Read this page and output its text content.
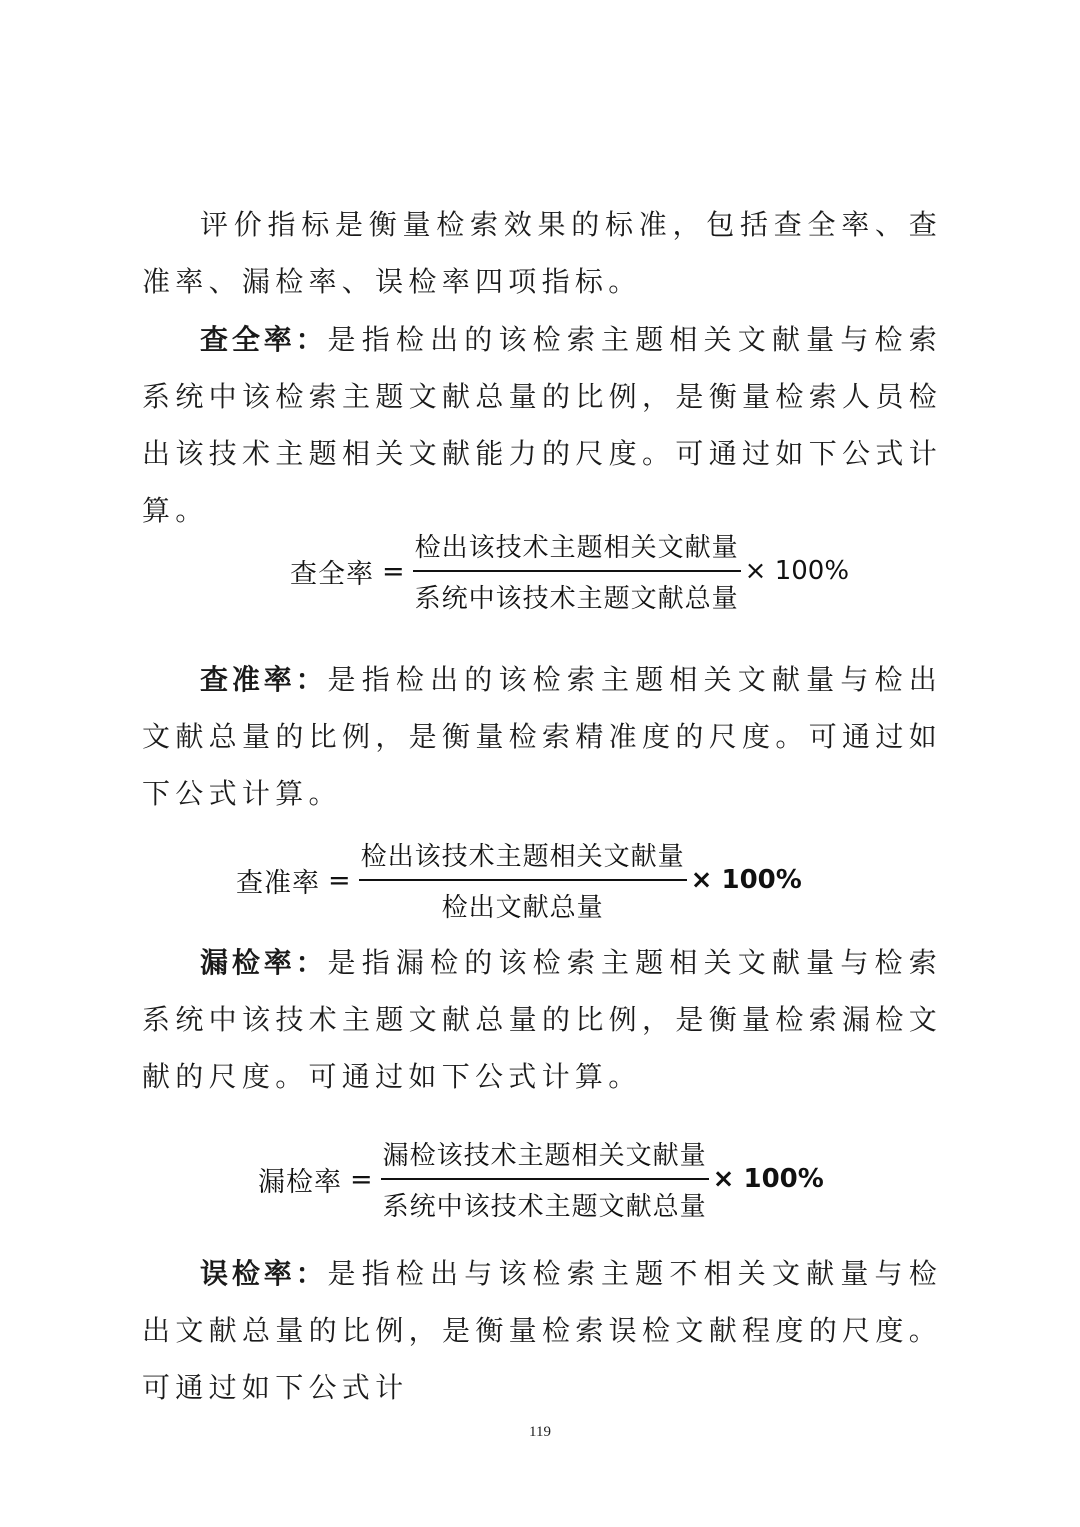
评价指标是衡量检索效果的标准，包括查全率、查准率、漏检率、误检率四项指标。

查全率：是指检出的该检索主题相关文献量与检索系统中该检索主题文献总量的比例，是衡量检索人员检出该技术主题相关文献能力的尺度。可通过如下公式计算。

查全率 = $\frac{\text{检出该技术主题相关文献量}}{\text{系统中该技术主题文献总量}} \times 100\%$

查准率：是指检出的该检索主题相关文献量与检出文献总量的比例，是衡量检索精准度的尺度。可通过如下公式计算。

查准率 = $\frac{\text{检出该技术主题相关文献量}}{\text{检出文献总量}} \times 100\%$

漏检率：是指漏检的该检索主题相关文献量与检索系统中该技术主题文献总量的比例，是衡量检索漏检文献的尺度。可通过如下公式计算。

漏检率 = $\frac{\text{漏检该技术主题相关文献量}}{\text{系统中该技术主题文献总量}} \times 100\%$

误检率：是指检出与该检索主题不相关文献量与检出文献总量的比例，是衡量检索误检文献程度的尺度。可通过如下公式计

119
